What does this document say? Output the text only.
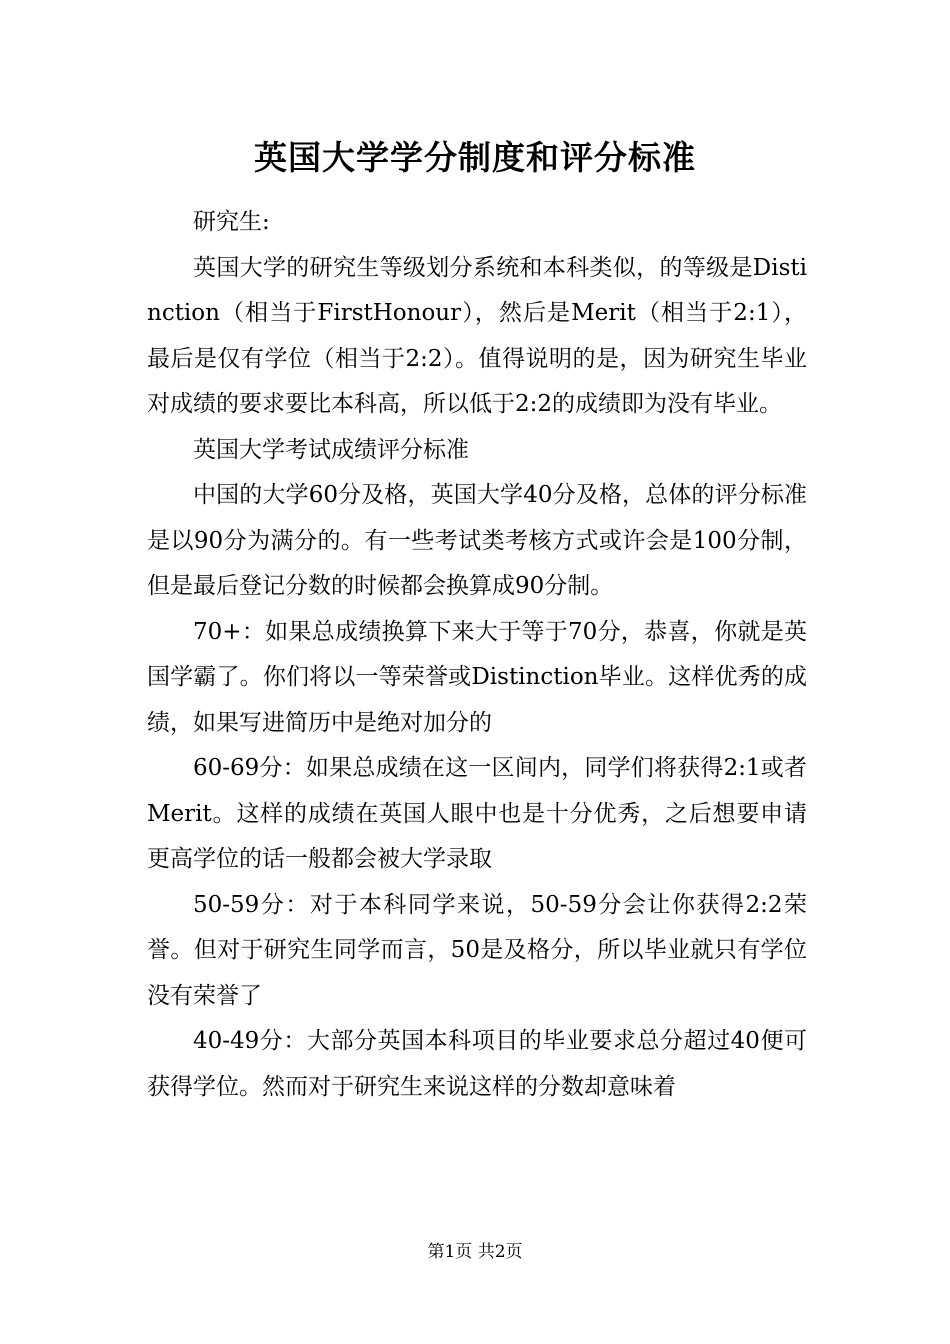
英国大学学分制度和评分标准

研究生:

英国大学的研究生等级划分系统和本科类似，的等级是Distinction（相当于FirstHonour），然后是Merit（相当于2:1），最后是仅有学位（相当于2:2）。值得说明的是，因为研究生毕业对成绩的要求要比本科高，所以低于2:2的成绩即为没有毕业。

英国大学考试成绩评分标准

中国的大学60分及格，英国大学40分及格，总体的评分标准是以90分为满分的。有一些考试类考核方式或许会是100分制，但是最后登记分数的时候都会换算成90分制。

70+：如果总成绩换算下来大于等于70分，恭喜，你就是英国学霸了。你们将以一等荣誉或Distinction毕业。这样优秀的成绩，如果写进简历中是绝对加分的

60-69分：如果总成绩在这一区间内，同学们将获得2:1或者Merit。这样的成绩在英国人眼中也是十分优秀，之后想要申请更高学位的话一般都会被大学录取

50-59分：对于本科同学来说，50-59分会让你获得2:2荣誉。但对于研究生同学而言，50是及格分，所以毕业就只有学位没有荣誉了

40-49分：大部分英国本科项目的毕业要求总分超过40便可获得学位。然而对于研究生来说这样的分数却意味着

第1页 共2页
